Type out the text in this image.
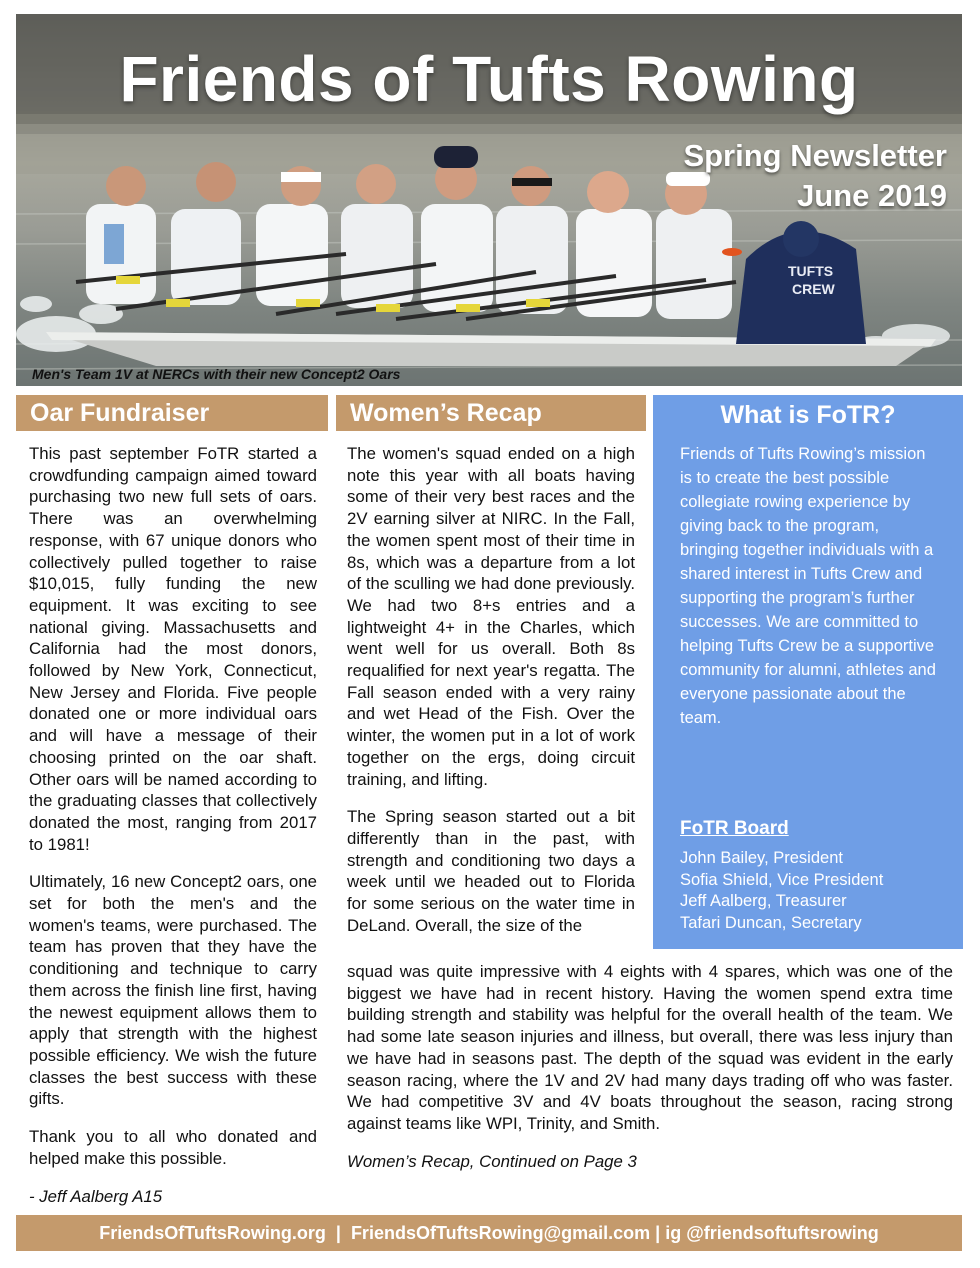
TUFTS
CREW
Friends of Tufts Rowing
Spring Newsletter
June 2019
Men's Team 1V at NERCs with their new Concept2 Oars
Oar Fundraiser

This past september FoTR started a crowdfunding campaign aimed toward purchasing two new full sets of oars. There was an overwhelming response, with 67 unique donors who collectively pulled together to raise $10,015, fully funding the new equipment. It was exciting to see national giving. Massachusetts and California had the most donors, followed by New York, Connecticut, New Jersey and Florida. Five people donated one or more individual oars and will have a message of their choosing printed on the oar shaft. Other oars will be named according to the graduating classes that collectively donated the most, ranging from 2017 to 1981!

Ultimately, 16 new Concept2 oars, one set for both the men's and the women's teams, were purchased. The team has proven that they have the conditioning and technique to carry them across the finish line first, having the newest equipment allows them to apply that strength with the highest possible efficiency. We wish the future classes the best success with these gifts.

Thank you to all who donated and helped make this possible.

- Jeff Aalberg A15

Women’s Recap

The women's squad ended on a high note this year with all boats having some of their very best races and the 2V earning silver at NIRC. In the Fall, the women spent most of their time in 8s, which was a departure from a lot of the sculling we had done previously. We had two 8+s entries and a lightweight 4+ in the Charles, which went well for us overall. Both 8s requalified for next year's regatta. The Fall season ended with a very rainy and wet Head of the Fish. Over the winter, the women put in a lot of work together on the ergs, doing circuit training, and lifting.

The Spring season started out a bit differently than in the past, with strength and conditioning two days a week until we headed out to Florida for some serious on the water time in DeLand. Overall, the size of the

squad was quite impressive with 4 eights with 4 spares, which was one of the biggest we have had in recent history. Having the women spend extra time building strength and stability was helpful for the overall health of the team. We had some late season injuries and illness, but overall, there was less injury than we have had in seasons past. The depth of the squad was evident in the early season racing, where the 1V and 2V had many days trading off who was faster. We had competitive 3V and 4V boats throughout the season, racing strong against teams like WPI, Trinity, and Smith.

Women’s Recap, Continued on Page 3

What is FoTR?
Friends of Tufts Rowing’s mission is to create the best possible collegiate rowing experience by giving back to the program, bringing together individuals with a shared interest in Tufts Crew and supporting the program’s further successes. We are committed to helping Tufts Crew be a supportive community for alumni, athletes and everyone passionate about the team.
FoTR Board
John Bailey, President
Sofia Shield, Vice President
Jeff Aalberg, Treasurer
Tafari Duncan, Secretary
FriendsOfTuftsRowing.org  |  FriendsOfTuftsRowing@gmail.com | ig @friendsoftuftsrowing
